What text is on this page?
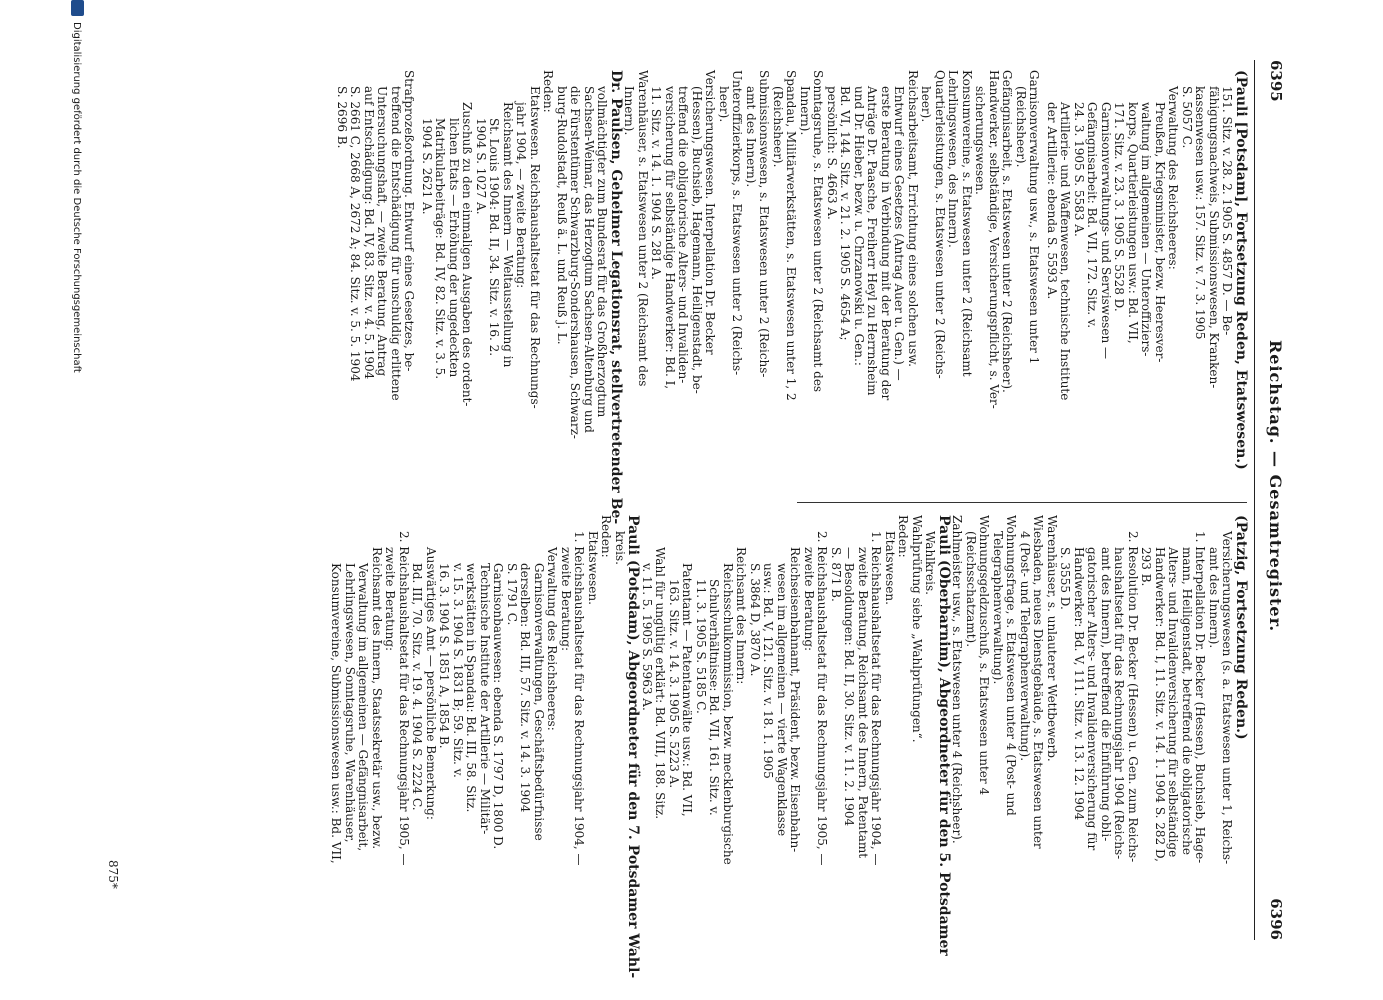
6395
Reichstag. — Gesamtregister.
6396
(Pauli [Potsdam], Fortsetzung Reden, Etatswesen.)
151. Sitz. v. 28. 2. 1905 S. 4857 D. — Be-
fähigungsnachweis, Submissionswesen, Kranken-
kassenwesen usw.: 157. Sitz. v. 7. 3. 1905
S. 5057 C.
Verwaltung des Reichsheeres:
Preußen, Kriegsminister, bezw. Heeresver-
waltung im allgemeinen — Unteroffiziers-
korps, Quartierleistungen usw.: Bd. VII,
171. Sitz. v. 23. 3. 1905 S. 5528 D.
Garnisonverwaltungs- und Serviswesen —
Gefängnisarbeit: Bd. VII, 172. Sitz. v.
24. 3. 1905 S. 5583 A.
Artillerie- und Waffenwesen, technische Institute
der Artillerie: ebenda S. 5593 A.
Garnisonverwaltung usw., s. Etatswesen unter 1
(Reichsheer).
Gefängnisarbeit, s. Etatswesen unter 2 (Reichsheer).
Handwerker, selbständige, Versicherungspflicht, s. Ver-
sicherungswesen.
Konsumvereine, s. Etatswesen unter 2 (Reichsamt
Lehrlingswesen, des Innern).
Quartierleistungen, s. Etatswesen unter 2 (Reichs-
heer).
Reichsarbeitsamt, Errichtung eines solchen usw.
Entwurf eines Gesetzes (Antrag Auer u. Gen.) —
erste Beratung in Verbindung mit der Beratung der
Anträge Dr. Paasche, Freiherr Heyl zu Herrnsheim
und Dr. Hieber, bezw. u. Chrzanowski u. Gen.:
Bd. VI, 144. Sitz. v. 21. 2. 1905 S. 4654 A;
persönlich: S. 4663 A.
Sonntagsruhe, s. Etatswesen unter 2 (Reichsamt des
Innern).
Spandau, Militärwerkstätten, s. Etatswesen unter 1, 2
(Reichsheer).
Submissionswesen, s. Etatswesen unter 2 (Reichs-
amt des Innern).
Unteroffizierkorps, s. Etatswesen unter 2 (Reichs-
heer).
Versicherungswesen. Interpellation Dr. Becker
(Hessen), Buchsieb, Hagemann, Heiligenstadt, be-
treffend die obligatorische Alters- und Invaliden-
versicherung für selbständige Handwerker: Bd. I,
11. Sitz. v. 14. 1. 1904 S. 281 A.
Warenhäuser, s. Etatswesen unter 2 (Reichsamt des
Innern).
Dr. Paulsen, Geheimer Legationsrat, stellvertretender Be-
vollmächtigter zum Bundesrat für das Großherzogtum
Sachsen-Weimar, das Herzogtum Sachsen-Altenburg und
die Fürstentümer Schwarzburg-Sondershausen, Schwarz-
burg-Rudolstadt, Reuß ä. L. und Reuß j. L.
Reden:
Etatswesen. Reichshaushaltsetat für das Rechnungs-
jahr 1904, — zweite Beratung:
Reichsamt des Innern — Weltausstellung in
St. Louis 1904: Bd. II, 34. Sitz. v. 16. 2.
1904 S. 1027 A.
Zuschuß zu den einmaligen Ausgaben des ordent-
lichen Etats — Erhöhung der ungedeckten
Matrikularbeiträge: Bd. IV, 82. Sitz. v. 3. 5.
1904 S. 2621 A.
Strafprozeßordnung. Entwurf eines Gesetzes, be-
treffend die Entschädigung für unschuldig erlittene
Untersuchungshaft, — zweite Beratung, Antrag
auf Entschädigung: Bd. IV, 83. Sitz. v. 4. 5. 1904
S. 2661 C, 2668 A, 2672 A; 84. Sitz. v. 5. 5. 1904
S. 2696 B.
(Patzig, Fortsetzung Reden.)
Versicherungswesen (s. a. Etatswesen unter 1, Reichs-
amt des Innern).
1. Interpellation Dr. Becker (Hessen), Buchsieb, Hage-
mann, Heiligenstadt, betreffend die obligatorische
Alters- und Invalidenversicherung für selbständige
Handwerker: Bd. I, 11. Sitz. v. 14. 1. 1904 S. 282 D,
293 B.
2. Resolution Dr. Becker (Hessen) u. Gen. zum Reichs-
haushaltsetat für das Rechnungsjahr 1904 (Reichs-
amt des Innern), betreffend die Einführung obli-
gatorischer Alters- und Invalidenversicherung für
Handwerker: Bd. V, 111. Sitz. v. 13. 12. 1904
S. 3555 D.
Warenhäuser, s. unlauterer Wettbewerb.
Wiesbaden, neues Dienstgebäude, s. Etatswesen unter
4 (Post- und Telegraphenverwaltung).
Wohnungsfrage, s. Etatswesen unter 4 (Post- und
Telegraphenverwaltung).
Wohnungsgeldzuschuß, s. Etatswesen unter 4
(Reichsschatzamt).
Zahlmeister usw., s. Etatswesen unter 4 (Reichsheer).
Pauli (Oberbarnim), Abgeordneter für den 5. Potsdamer
Wahlkreis.
Wahlprüfung siehe „Wahlprüfungen“.
Reden:
Etatswesen.
1. Reichshaushaltsetat für das Rechnungsjahr 1904, —
zweite Beratung, Reichsamt des Innern, Patentamt
— Besoldungen: Bd. II, 30. Sitz. v. 11. 2. 1904
S. 871 B.
2. Reichshaushaltsetat für das Rechnungsjahr 1905, —
zweite Beratung:
Reichseisenbahnamt, Präsident, bezw. Eisenbahn-
wesen im allgemeinen — vierte Wagenklasse
usw.: Bd. V, 121. Sitz. v. 18. 1. 1905
S. 3864 D, 3870 A.
Reichsamt des Innern:
Reichsschulkommission, bezw. mecklenburgische
Schulverhältnisse: Bd. VII, 161. Sitz. v.
11. 3. 1905 S. 5185 C.
Patentamt — Patentanwälte usw.: Bd. VII,
163. Sitz. v. 14. 3. 1905 S. 5223 A.
Wahl für ungültig erklärt: Bd. VIII, 188. Sitz.
v. 11. 5. 1905 S. 5963 A.
Pauli (Potsdam), Abgeordneter für den 7. Potsdamer Wahl-
kreis.
Reden:
Etatswesen.
1. Reichshaushaltsetat für das Rechnungsjahr 1904, —
zweite Beratung:
Verwaltung des Reichsheeres:
Garnisonverwaltungen, Geschäftsbedürfnisse
derselben: Bd. III, 57. Sitz. v. 14. 3. 1904
S. 1791 C.
Garnisonbauwesen: ebenda S. 1797 D, 1800 D.
Technische Institute der Artillerie — Militär-
werkstätten in Spandau: Bd. III, 58. Sitz.
v. 15. 3. 1904 S. 1831 B; 59. Sitz. v.
16. 3. 1904 S. 1851 A, 1854 B.
Auswärtiges Amt — persönliche Bemerkung:
Bd. III, 70. Sitz. v. 19. 4. 1904 S. 2224 C.
2. Reichshaushaltsetat für das Rechnungsjahr 1905, —
zweite Beratung:
Reichsamt des Innern, Staatssekretär usw., bezw.
Verwaltung im allgemeinen — Gefängnisarbeit,
Lehrlingswesen, Sonntagsruhe, Warenhäuser,
Konsumvereine, Submissionswesen usw.: Bd. VII,
875*
Digitalisierung gefördert durch die Deutsche Forschungsgemeinschaft
